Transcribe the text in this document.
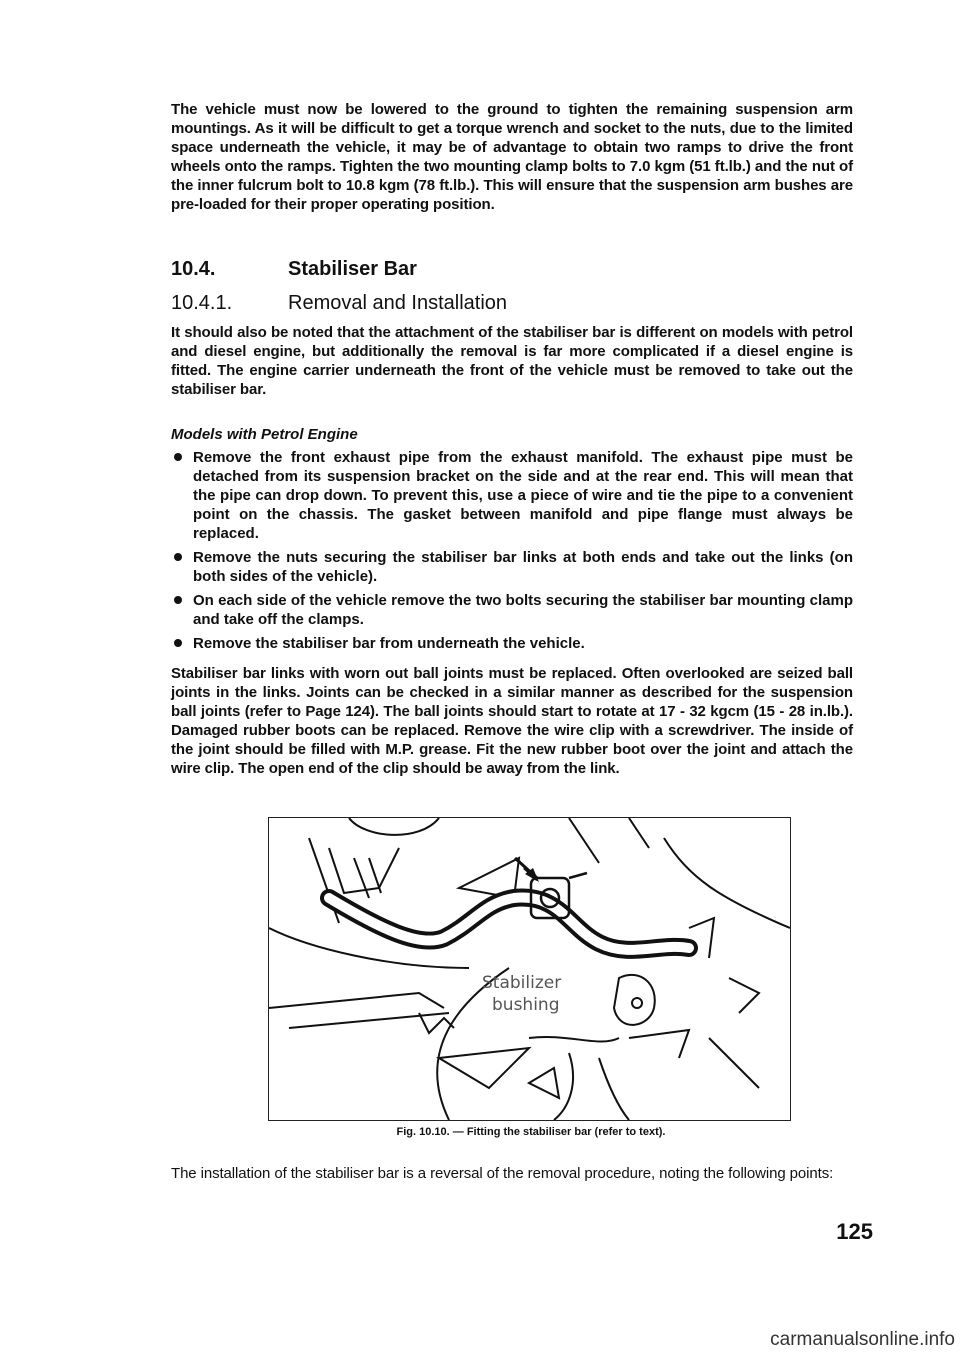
The vehicle must now be lowered to the ground to tighten the remaining suspension arm mountings. As it will be difficult to get a torque wrench and socket to the nuts, due to the limited space underneath the vehicle, it may be of advantage to obtain two ramps to drive the front wheels onto the ramps. Tighten the two mounting clamp bolts to 7.0 kgm (51 ft.lb.) and the nut of the inner fulcrum bolt to 10.8 kgm (78 ft.lb.). This will ensure that the suspension arm bushes are pre-loaded for their proper operating position.

10.4.	Stabiliser Bar
10.4.1.	Removal and Installation

It should also be noted that the attachment of the stabiliser bar is different on models with petrol and diesel engine, but additionally the removal is far more complicated if a diesel engine is fitted. The engine carrier underneath the front of the vehicle must be removed to take out the stabiliser bar.

Models with Petrol Engine
Remove the front exhaust pipe from the exhaust manifold. The exhaust pipe must be detached from its suspension bracket on the side and at the rear end. This will mean that the pipe can drop down. To prevent this, use a piece of wire and tie the pipe to a convenient point on the chassis. The gasket between manifold and pipe flange must always be replaced.
Remove the nuts securing the stabiliser bar links at both ends and take out the links (on both sides of the vehicle).
On each side of the vehicle remove the two bolts securing the stabiliser bar mounting clamp and take off the clamps.
Remove the stabiliser bar from underneath the vehicle.

Stabiliser bar links with worn out ball joints must be replaced. Often overlooked are seized ball joints in the links. Joints can be checked in a similar manner as described for the suspension ball joints (refer to Page 124). The ball joints should start to rotate at 17 - 32 kgcm (15 - 28 in.lb.). Damaged rubber boots can be replaced. Remove the wire clip with a screwdriver. The inside of the joint should be filled with M.P. grease. Fit the new rubber boot over the joint and attach the wire clip. The open end of the clip should be away from the link.

Stabilizer
bushing
Fig. 10.10. — Fitting the stabiliser bar (refer to text).

The installation of the stabiliser bar is a reversal of the removal procedure, noting the following points:

125
carmanualsonline.info
